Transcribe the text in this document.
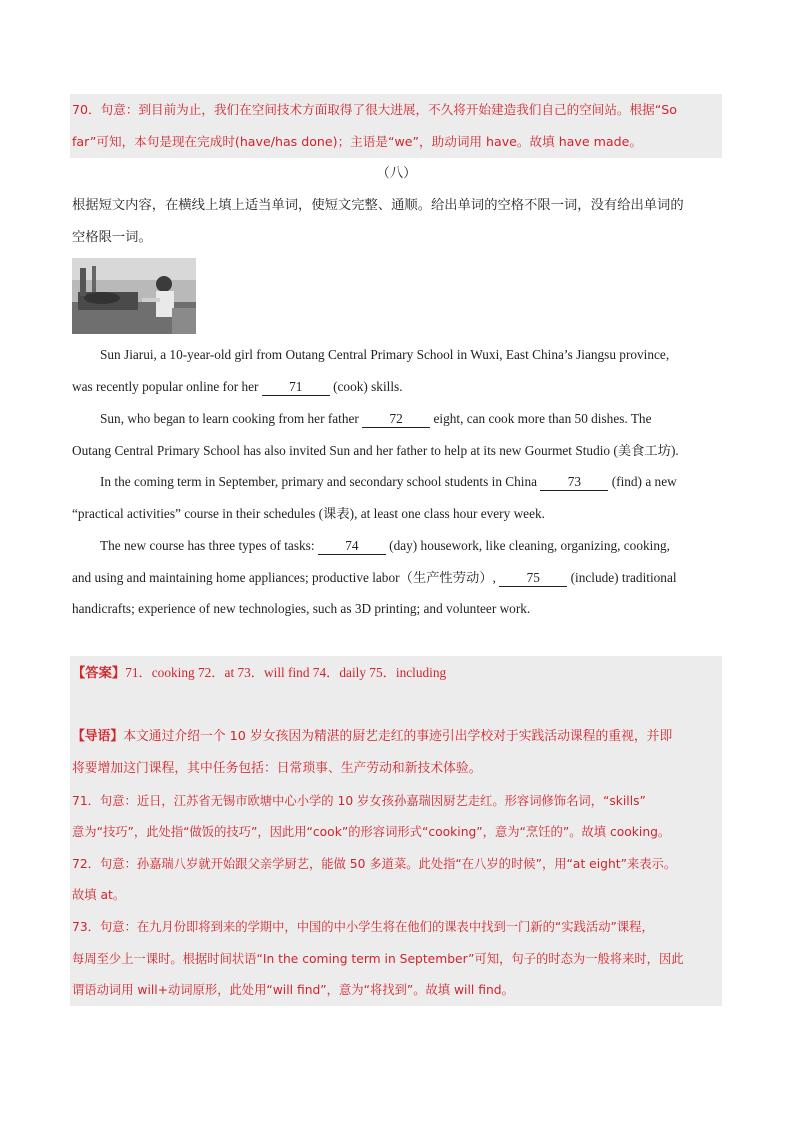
70．句意：到目前为止，我们在空间技术方面取得了很大进展，不久将开始建造我们自己的空间站。根据“So
far”可知，本句是现在完成时(have/has done)；主语是“we”，助动词用 have。故填 have made。
（八）
根据短文内容，在横线上填上适当单词，使短文完整、通顺。给出单词的空格不限一词，没有给出单词的
空格限一词。
Sun Jiarui, a 10-year-old girl from Outang Central Primary School in Wuxi, East China’s Jiangsu province,
was recently popular online for her 71 (cook) skills.
Sun, who began to learn cooking from her father 72 eight, can cook more than 50 dishes. The
Outang Central Primary School has also invited Sun and her father to help at its new Gourmet Studio (美食工坊).
In the coming term in September, primary and secondary school students in China 73 (find) a new
“practical activities” course in their schedules (课表), at least one class hour every week.
The new course has three types of tasks: 74 (day) housework, like cleaning, organizing, cooking,
and using and maintaining home appliances; productive labor（生产性劳动）, 75 (include) traditional
handicrafts; experience of new technologies, such as 3D printing; and volunteer work.
【答案】71．cooking 72．at 73．will find 74．daily 75．including
【导语】本文通过介绍一个 10 岁女孩因为精湛的厨艺走红的事迹引出学校对于实践活动课程的重视，并即
将要增加这门课程，其中任务包括：日常琐事、生产劳动和新技术体验。
71．句意：近日，江苏省无锡市欧塘中心小学的 10 岁女孩孙嘉瑞因厨艺走红。形容词修饰名词，“skills”
意为“技巧”，此处指“做饭的技巧”，因此用“cook”的形容词形式“cooking”，意为“烹饪的”。故填 cooking。
72．句意：孙嘉瑞八岁就开始跟父亲学厨艺，能做 50 多道菜。此处指“在八岁的时候”，用“at eight”来表示。
故填 at。
73．句意：在九月份即将到来的学期中，中国的中小学生将在他们的课表中找到一门新的“实践活动”课程，
每周至少上一课时。根据时间状语“In the coming term in September”可知，句子的时态为一般将来时，因此
谓语动词用 will+动词原形，此处用“will find”，意为“将找到”。故填 will find。
